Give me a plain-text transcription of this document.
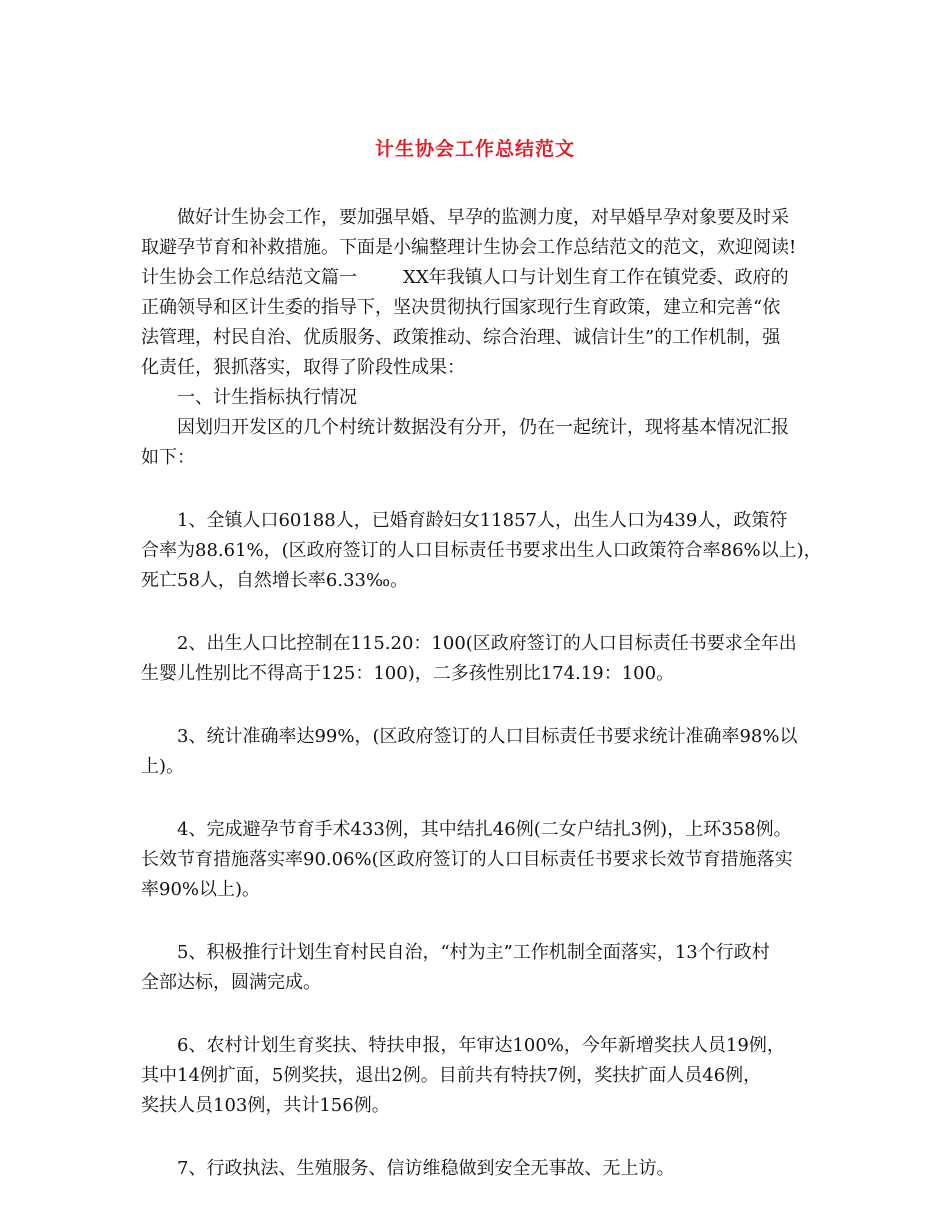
计生协会工作总结范文
做好计生协会工作，要加强早婚、早孕的监测力度，对早婚早孕对象要及时采
取避孕节育和补救措施。下面是小编整理计生协会工作总结范文的范文，欢迎阅读!
计生协会工作总结范文篇一	XX年我镇人口与计划生育工作在镇党委、政府的
正确领导和区计生委的指导下，坚决贯彻执行国家现行生育政策，建立和完善“依
法管理，村民自治、优质服务、政策推动、综合治理、诚信计生”的工作机制，强
化责任，狠抓落实，取得了阶段性成果：
一、计生指标执行情况
因划归开发区的几个村统计数据没有分开，仍在一起统计，现将基本情况汇报
如下：
1、全镇人口60188人，已婚育龄妇女11857人，出生人口为439人，政策符
合率为88.61%，(区政府签订的人口目标责任书要求出生人口政策符合率86%以上)，
死亡58人，自然增长率6.33‰。
2、出生人口比控制在115.20：100(区政府签订的人口目标责任书要求全年出
生婴儿性别比不得高于125：100)，二多孩性别比174.19：100。
3、统计准确率达99%，(区政府签订的人口目标责任书要求统计准确率98%以
上)。
4、完成避孕节育手术433例，其中结扎46例(二女户结扎3例)，上环358例。
长效节育措施落实率90.06%(区政府签订的人口目标责任书要求长效节育措施落实
率90%以上)。
5、积极推行计划生育村民自治，“村为主”工作机制全面落实，13个行政村
全部达标，圆满完成。
6、农村计划生育奖扶、特扶申报，年审达100%，今年新增奖扶人员19例，
其中14例扩面，5例奖扶，退出2例。目前共有特扶7例，奖扶扩面人员46例，
奖扶人员103例，共计156例。
7、行政执法、生殖服务、信访维稳做到安全无事故、无上访。
